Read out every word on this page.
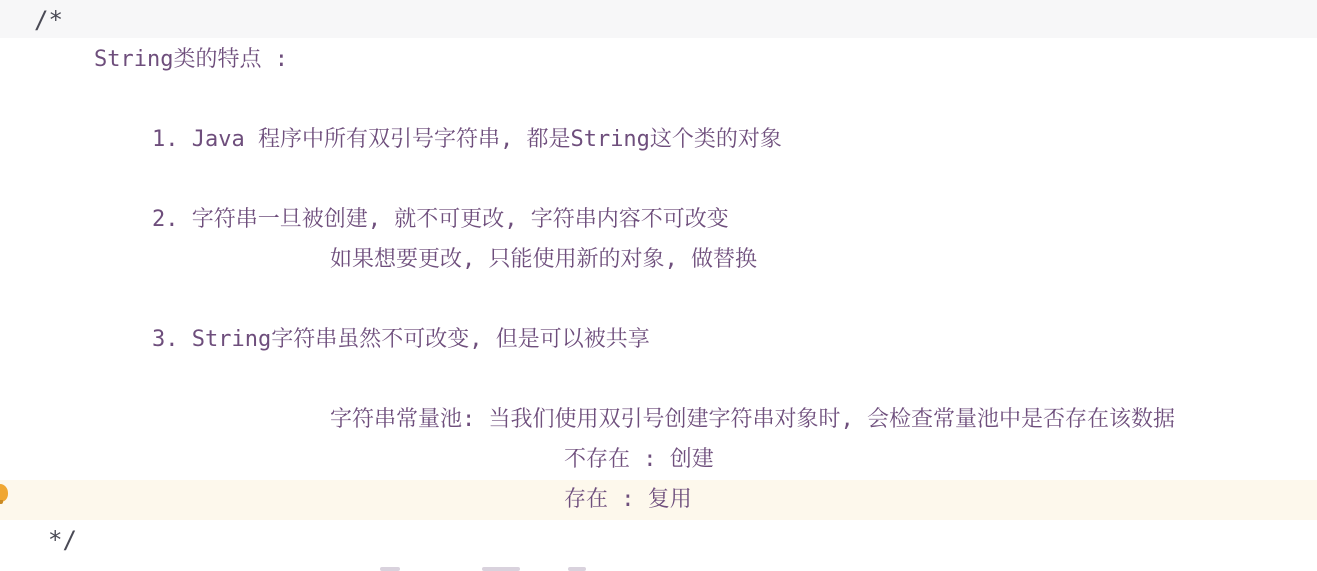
/*
String类的特点 :
1. Java 程序中所有双引号字符串, 都是String这个类的对象
2. 字符串一旦被创建, 就不可更改, 字符串内容不可改变
如果想要更改, 只能使用新的对象, 做替换
3. String字符串虽然不可改变, 但是可以被共享
字符串常量池: 当我们使用双引号创建字符串对象时, 会检查常量池中是否存在该数据
不存在 : 创建
存在 : 复用
*/
